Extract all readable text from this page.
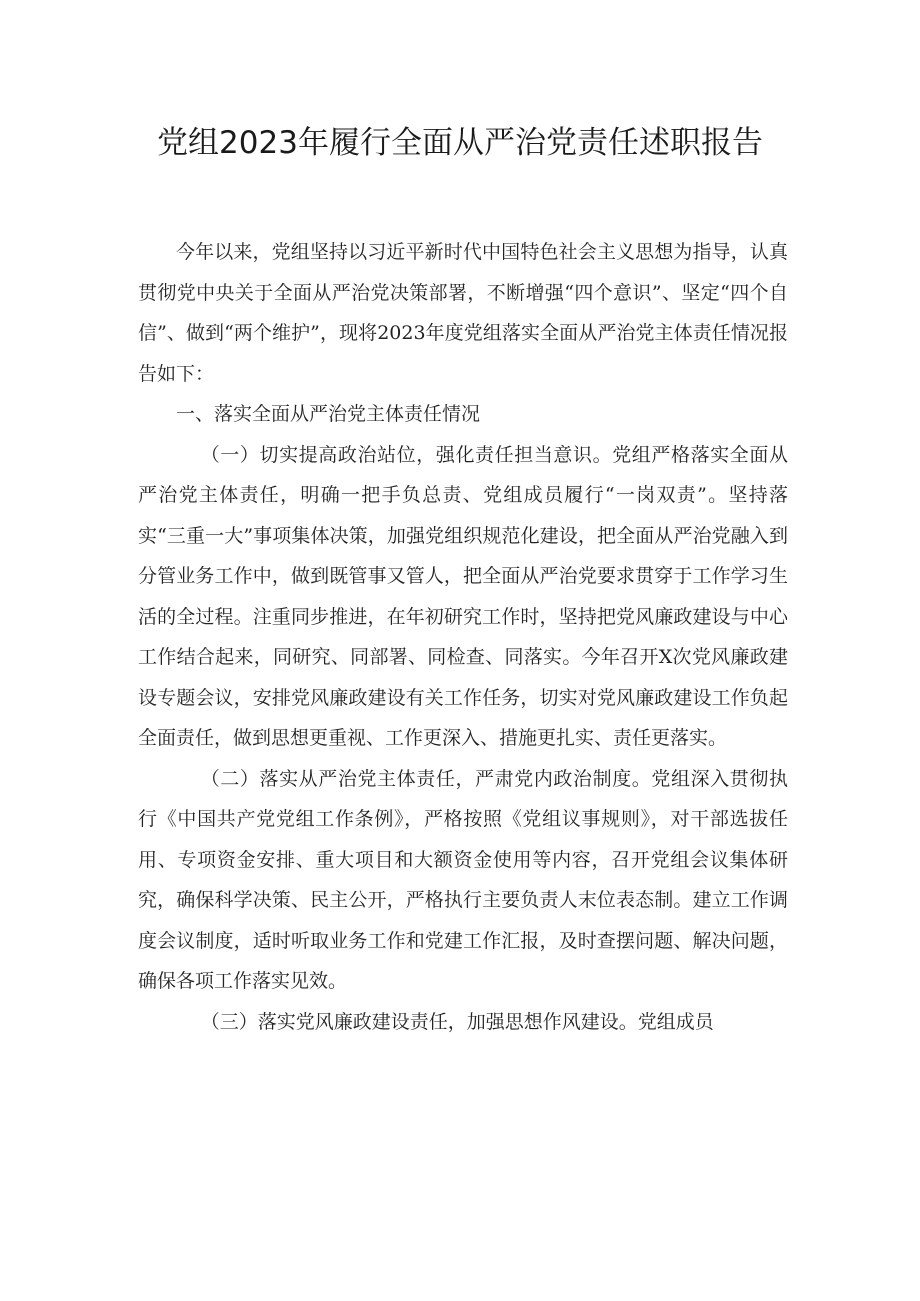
党组2023年履行全面从严治党责任述职报告

今年以来，党组坚持以习近平新时代中国特色社会主义思想为指导，认真贯彻党中央关于全面从严治党决策部署，不断增强“四个意识”、坚定“四个自信”、做到“两个维护”，现将2023年度党组落实全面从严治党主体责任情况报告如下：

一、落实全面从严治党主体责任情况

（一）切实提高政治站位，强化责任担当意识。党组严格落实全面从严治党主体责任，明确一把手负总责、党组成员履行“一岗双责”。坚持落实“三重一大”事项集体决策，加强党组织规范化建设，把全面从严治党融入到分管业务工作中，做到既管事又管人，把全面从严治党要求贯穿于工作学习生活的全过程。注重同步推进，在年初研究工作时，坚持把党风廉政建设与中心工作结合起来，同研究、同部署、同检查、同落实。今年召开X次党风廉政建设专题会议，安排党风廉政建设有关工作任务，切实对党风廉政建设工作负起全面责任，做到思想更重视、工作更深入、措施更扎实、责任更落实。

（二）落实从严治党主体责任，严肃党内政治制度。党组深入贯彻执行《中国共产党党组工作条例》，严格按照《党组议事规则》，对干部选拔任用、专项资金安排、重大项目和大额资金使用等内容，召开党组会议集体研究，确保科学决策、民主公开，严格执行主要负责人末位表态制。建立工作调度会议制度，适时听取业务工作和党建工作汇报，及时查摆问题、解决问题，确保各项工作落实见效。

（三）落实党风廉政建设责任，加强思想作风建设。党组成员
